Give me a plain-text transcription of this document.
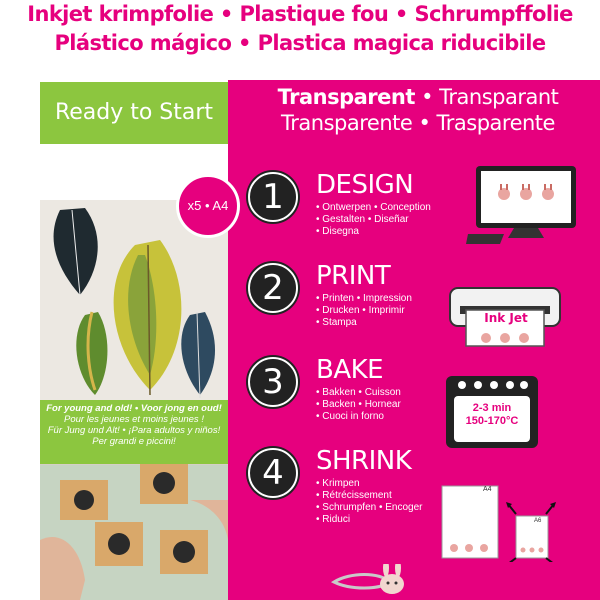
Inkjet krimpfolie • Plastique fou • Schrumpffolie
Plástico mágico • Plastica magica riducibile
Ready to Start
Transparent • Transparant
Transparente • Trasparente
For young and old! • Voor jong en oud!
Pour les jeunes et moins jeunes !
Für Jung und Alt! • ¡Para adultos y niños!
Per grandi e piccini!
x5 • A4 1	DESIGN
• Ontwerpen • Conception
• Gestalten • Diseñar
• Disegna
2	PRINT
• Printen • Impression
• Drucken • Imprimir
• Stampa
3	BAKE
• Bakken • Cuisson
• Backen • Hornear
• Cuoci in forno
4	SHRINK
• Krimpen
• Rétrécissement
• Schrumpfen • Encoger
• Riduci
Ink Jet
2-3 min
150-170°C
A4
A6
